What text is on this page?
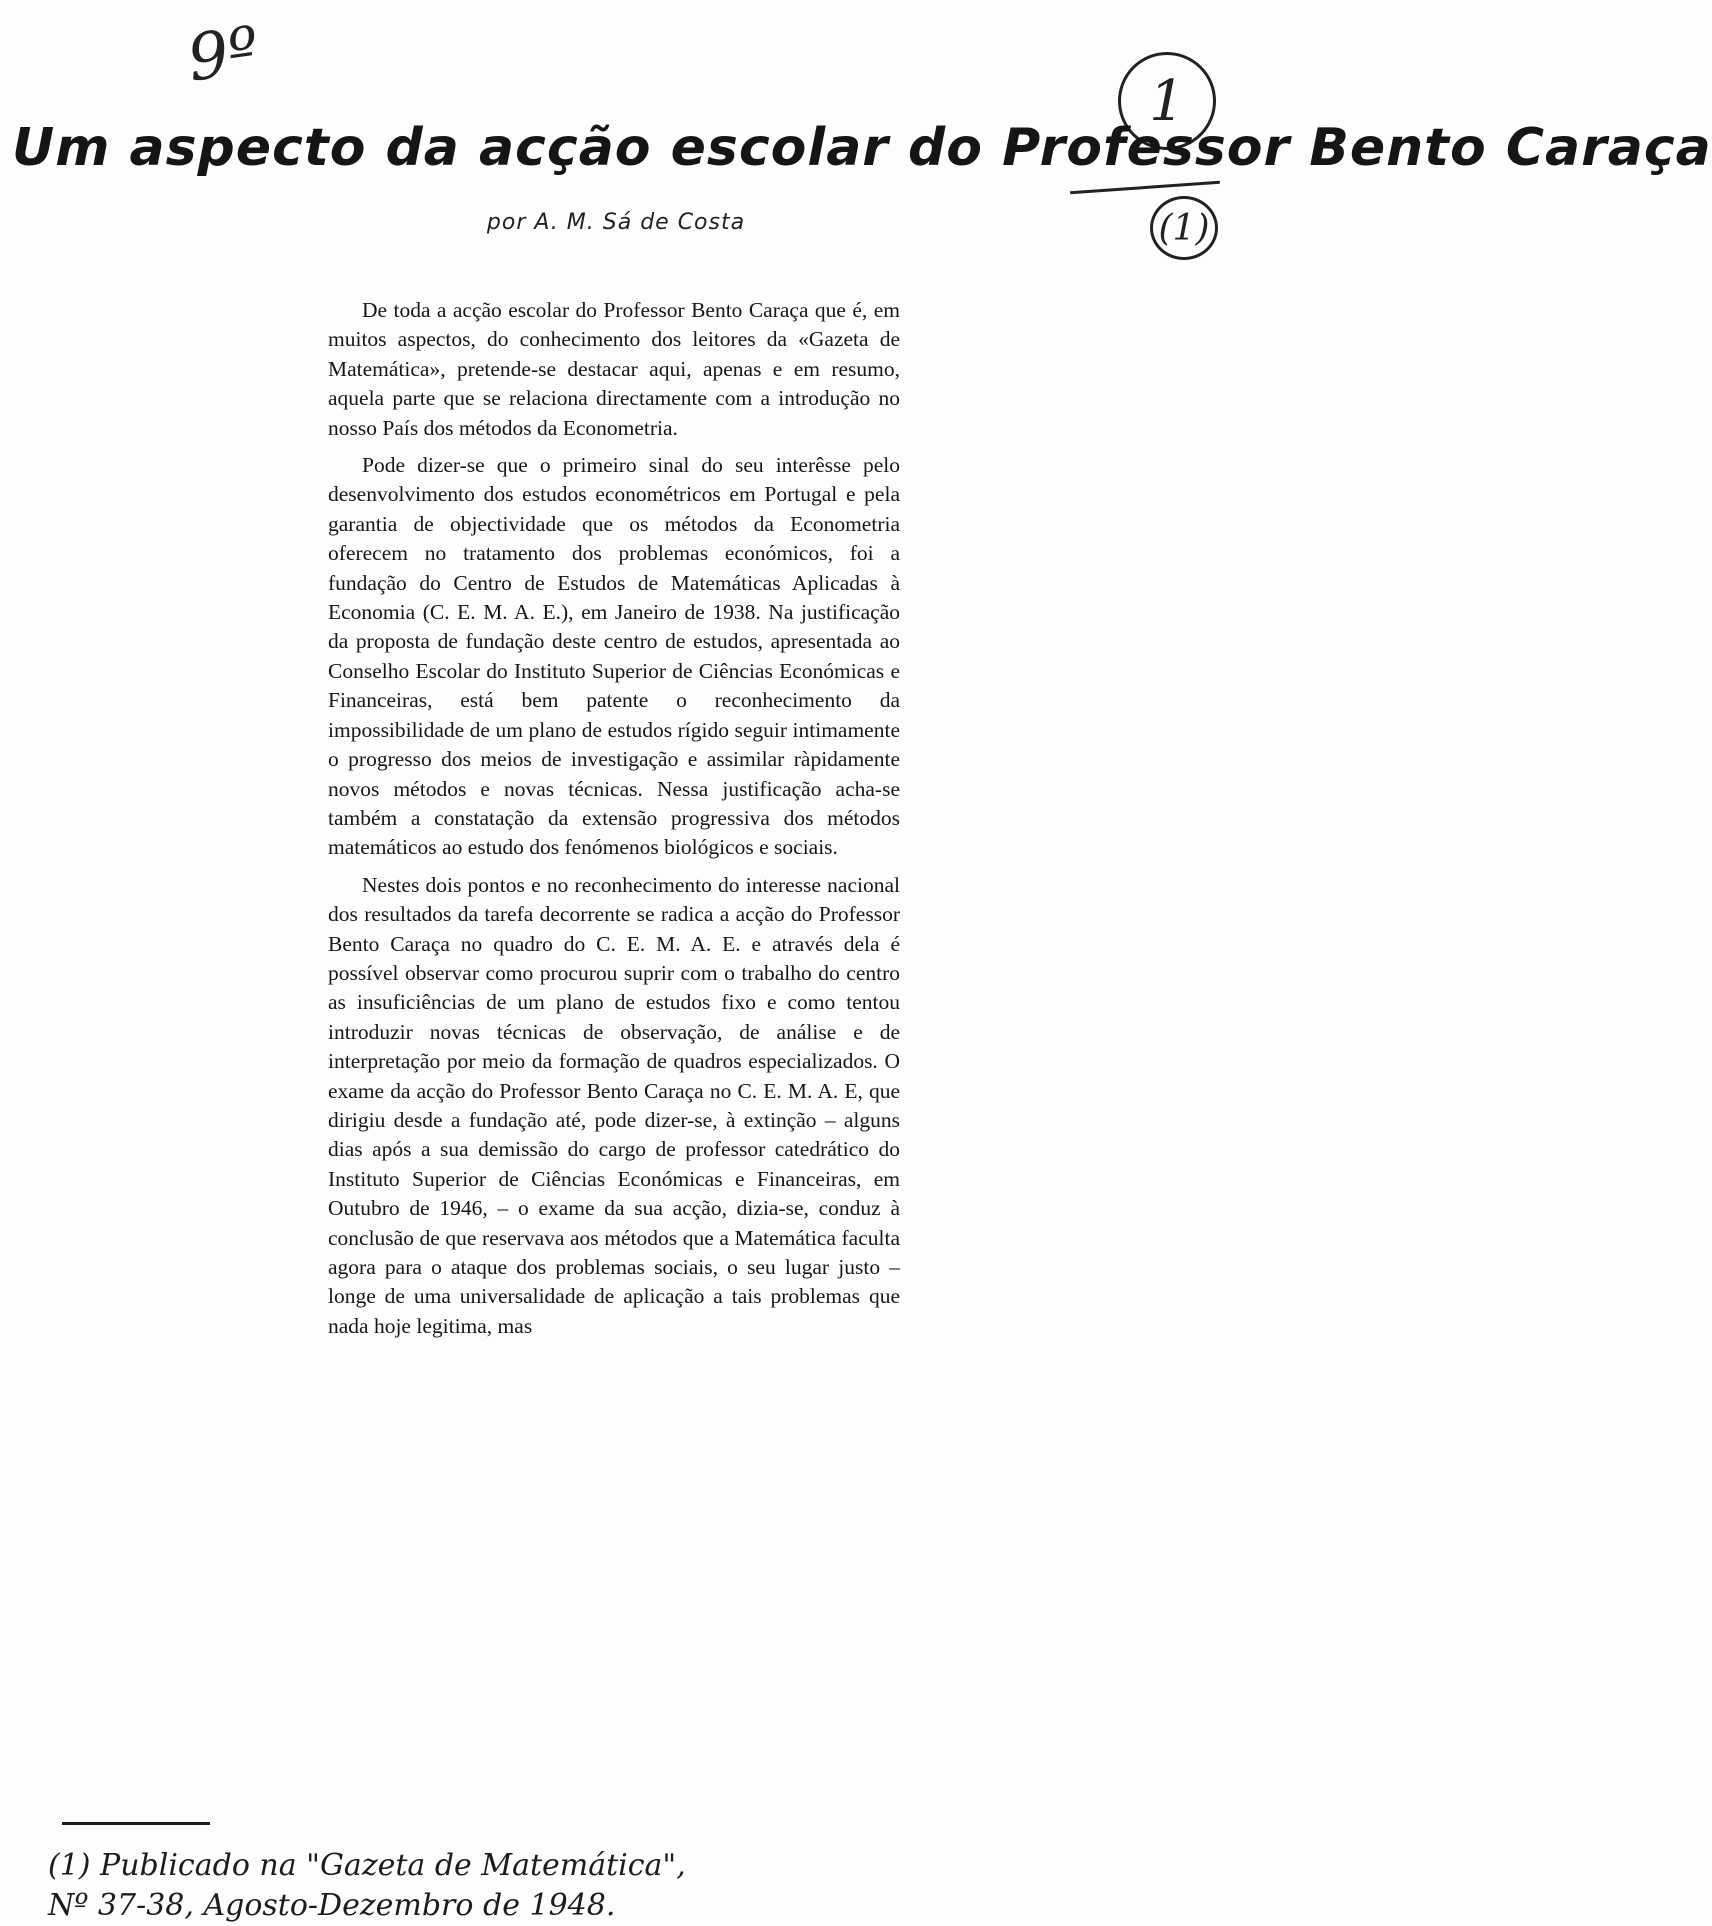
9º
1
Um aspecto da acção escolar do Professor Bento Caraça
(1)
por A. M. Sá de Costa

De toda a acção escolar do Professor Bento Caraça que é, em muitos aspectos, do conhecimento dos leitores da «Gazeta de Matemática», pretende-se destacar aqui, apenas e em resumo, aquela parte que se relaciona directamente com a introdução no nosso País dos métodos da Econometria.

Pode dizer-se que o primeiro sinal do seu interêsse pelo desenvolvimento dos estudos econométricos em Portugal e pela garantia de objectividade que os métodos da Econometria oferecem no tratamento dos problemas económicos, foi a fundação do Centro de Estudos de Matemáticas Aplicadas à Economia (C. E. M. A. E.), em Janeiro de 1938. Na justificação da proposta de fundação deste centro de estudos, apresentada ao Conselho Escolar do Instituto Superior de Ciências Económicas e Financeiras, está bem patente o reconhecimento da impossibilidade de um plano de estudos rígido seguir intimamente o progresso dos meios de investigação e assimilar ràpidamente novos métodos e novas técnicas. Nessa justificação acha-se também a constatação da extensão progressiva dos métodos matemáticos ao estudo dos fenómenos biológicos e sociais.

Nestes dois pontos e no reconhecimento do interesse nacional dos resultados da tarefa decorrente se radica a acção do Professor Bento Caraça no quadro do C. E. M. A. E. e através dela é possível observar como procurou suprir com o trabalho do centro as insuficiências de um plano de estudos fixo e como tentou introduzir novas técnicas de observação, de análise e de interpretação por meio da formação de quadros especializados. O exame da acção do Professor Bento Caraça no C. E. M. A. E, que dirigiu desde a fundação até, pode dizer-se, à extinção – alguns dias após a sua demissão do cargo de professor catedrático do Instituto Superior de Ciências Económicas e Financeiras, em Outubro de 1946, – o exame da sua acção, dizia-se, conduz à conclusão de que reservava aos métodos que a Matemática faculta agora para o ataque dos problemas sociais, o seu lugar justo – longe de uma universalidade de aplicação a tais problemas que nada hoje legitima, mas

(1) Publicado na "Gazeta de Matemática",
Nº 37-38, Agosto-Dezembro de 1948.
